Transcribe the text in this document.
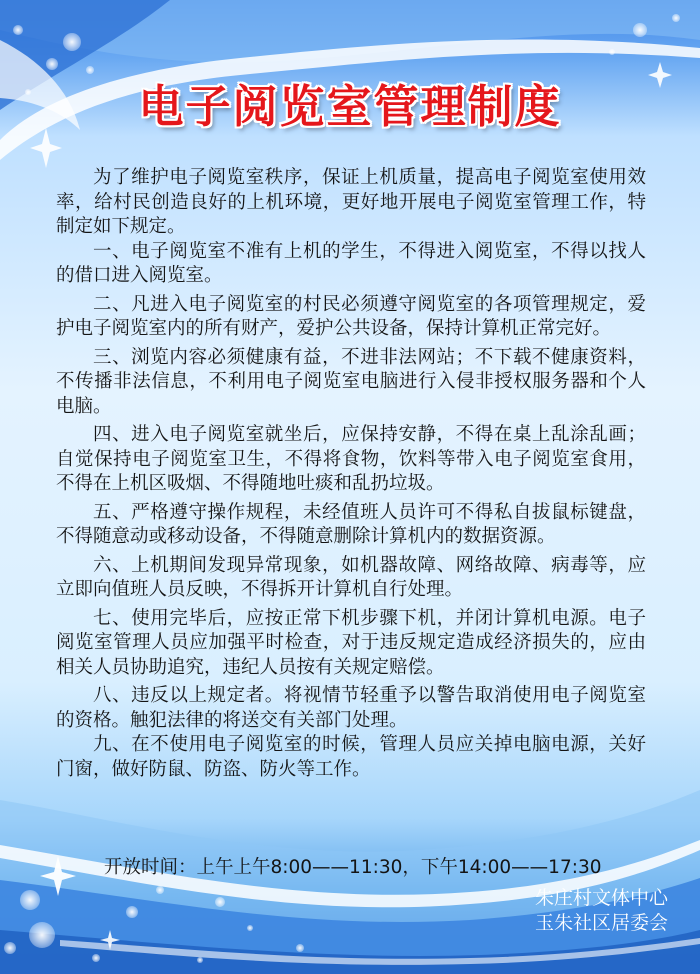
电子阅览室管理制度

为了维护电子阅览室秩序，保证上机质量，提高电子阅览室使用效率，给村民创造良好的上机环境，更好地开展电子阅览室管理工作，特制定如下规定。

一、电子阅览室不准有上机的学生，不得进入阅览室，不得以找人的借口进入阅览室。

二、凡进入电子阅览室的村民必须遵守阅览室的各项管理规定，爱护电子阅览室内的所有财产，爱护公共设备，保持计算机正常完好。

三、浏览内容必须健康有益，不进非法网站；不下载不健康资料，不传播非法信息，不利用电子阅览室电脑进行入侵非授权服务器和个人电脑。

四、进入电子阅览室就坐后，应保持安静，不得在桌上乱涂乱画；自觉保持电子阅览室卫生，不得将食物，饮料等带入电子阅览室食用，不得在上机区吸烟、不得随地吐痰和乱扔垃圾。

五、严格遵守操作规程，未经值班人员许可不得私自拔鼠标键盘，不得随意动或移动设备，不得随意删除计算机内的数据资源。

六、上机期间发现异常现象，如机器故障、网络故障、病毒等，应立即向值班人员反映，不得拆开计算机自行处理。

七、使用完毕后，应按正常下机步骤下机，并闭计算机电源。电子阅览室管理人员应加强平时检查，对于违反规定造成经济损失的，应由相关人员协助追究，违纪人员按有关规定赔偿。

八、违反以上规定者。将视情节轻重予以警告取消使用电子阅览室的资格。触犯法律的将送交有关部门处理。

九、在不使用电子阅览室的时候，管理人员应关掉电脑电源，关好门窗，做好防鼠、防盗、防火等工作。

开放时间：上午上午8:00——11:30，下午14:00——17:30
朱庄村文体中心
玉朱社区居委会
